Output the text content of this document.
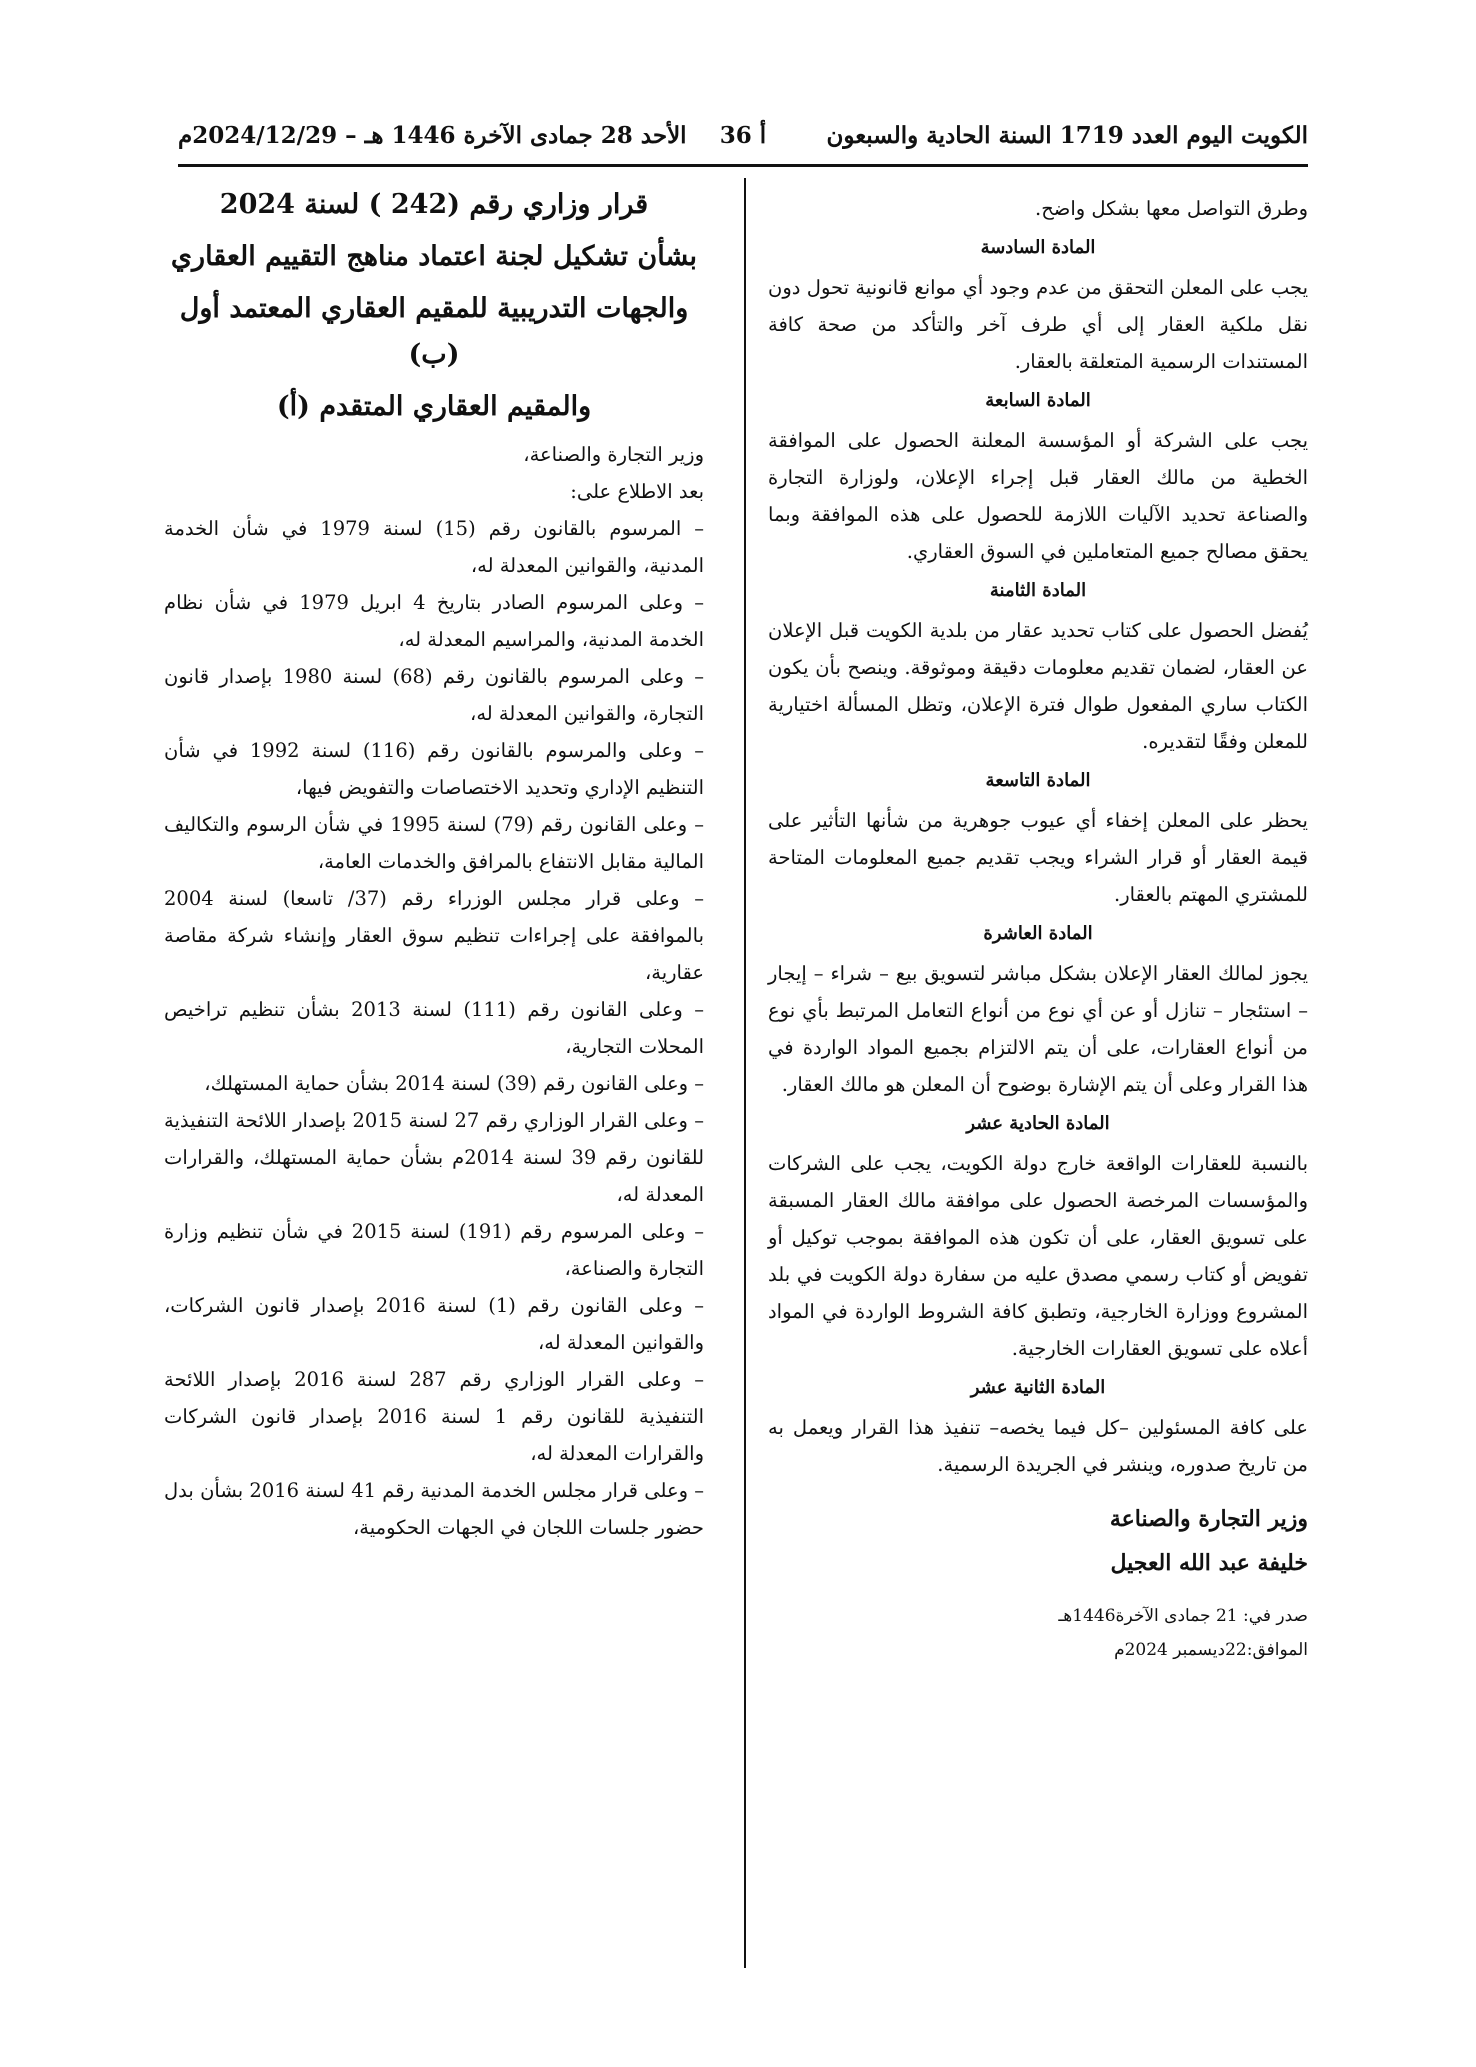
الكويت اليوم العدد 1719 السنة الحادية والسبعون
أ 36
الأحد 28 جمادى الآخرة 1446 هـ – 2024/12/29م

وطرق التواصل معها بشكل واضح.

المادة السادسة

يجب على المعلن التحقق من عدم وجود أي موانع قانونية تحول دون نقل ملكية العقار إلى أي طرف آخر والتأكد من صحة كافة المستندات الرسمية المتعلقة بالعقار.

المادة السابعة

يجب على الشركة أو المؤسسة المعلنة الحصول على الموافقة الخطية من مالك العقار قبل إجراء الإعلان، ولوزارة التجارة والصناعة تحديد الآليات اللازمة للحصول على هذه الموافقة وبما يحقق مصالح جميع المتعاملين في السوق العقاري.

المادة الثامنة

يُفضل الحصول على كتاب تحديد عقار من بلدية الكويت قبل الإعلان عن العقار، لضمان تقديم معلومات دقيقة وموثوقة. وينصح بأن يكون الكتاب ساري المفعول طوال فترة الإعلان، وتظل المسألة اختيارية للمعلن وفقًا لتقديره.

المادة التاسعة

يحظر على المعلن إخفاء أي عيوب جوهرية من شأنها التأثير على قيمة العقار أو قرار الشراء ويجب تقديم جميع المعلومات المتاحة للمشتري المهتم بالعقار.

المادة العاشرة

يجوز لمالك العقار الإعلان بشكل مباشر لتسويق بيع – شراء – إيجار – استئجار – تنازل أو عن أي نوع من أنواع التعامل المرتبط بأي نوع من أنواع العقارات، على أن يتم الالتزام بجميع المواد الواردة في هذا القرار وعلى أن يتم الإشارة بوضوح أن المعلن هو مالك العقار.

المادة الحادية عشر

بالنسبة للعقارات الواقعة خارج دولة الكويت، يجب على الشركات والمؤسسات المرخصة الحصول على موافقة مالك العقار المسبقة على تسويق العقار، على أن تكون هذه الموافقة بموجب توكيل أو تفويض أو كتاب رسمي مصدق عليه من سفارة دولة الكويت في بلد المشروع ووزارة الخارجية، وتطبق كافة الشروط الواردة في المواد أعلاه على تسويق العقارات الخارجية.

المادة الثانية عشر

على كافة المسئولين –كل فيما يخصه– تنفيذ هذا القرار ويعمل به من تاريخ صدوره، وينشر في الجريدة الرسمية.

وزير التجارة والصناعة
خليفة عبد الله العجيل
صدر في: 21 جمادى الآخرة1446هـ
الموافق:22ديسمبر 2024م
قرار وزاري رقم (242 ) لسنة 2024
بشأن تشكيل لجنة اعتماد مناهج التقييم العقاري
والجهات التدريبية للمقيم العقاري المعتمد أول (ب)
والمقيم العقاري المتقدم (أ)

وزير التجارة والصناعة،

بعد الاطلاع على:

– المرسوم بالقانون رقم (15) لسنة 1979 في شأن الخدمة المدنية، والقوانين المعدلة له،

– وعلى المرسوم الصادر بتاريخ 4 ابريل 1979 في شأن نظام الخدمة المدنية، والمراسيم المعدلة له،

– وعلى المرسوم بالقانون رقم (68) لسنة 1980 بإصدار قانون التجارة، والقوانين المعدلة له،

– وعلى والمرسوم بالقانون رقم (116) لسنة 1992 في شأن التنظيم الإداري وتحديد الاختصاصات والتفويض فيها،

– وعلى القانون رقم (79) لسنة 1995 في شأن الرسوم والتكاليف المالية مقابل الانتفاع بالمرافق والخدمات العامة،

– وعلى قرار مجلس الوزراء رقم (37/ تاسعا) لسنة 2004 بالموافقة على إجراءات تنظيم سوق العقار وإنشاء شركة مقاصة عقارية،

– وعلى القانون رقم (111) لسنة 2013 بشأن تنظيم تراخيص المحلات التجارية،

– وعلى القانون رقم (39) لسنة 2014 بشأن حماية المستهلك،

– وعلى القرار الوزاري رقم 27 لسنة 2015 بإصدار اللائحة التنفيذية للقانون رقم 39 لسنة 2014م بشأن حماية المستهلك، والقرارات المعدلة له،

– وعلى المرسوم رقم (191) لسنة 2015 في شأن تنظيم وزارة التجارة والصناعة،

– وعلى القانون رقم (1) لسنة 2016 بإصدار قانون الشركات، والقوانين المعدلة له،

– وعلى القرار الوزاري رقم 287 لسنة 2016 بإصدار اللائحة التنفيذية للقانون رقم 1 لسنة 2016 بإصدار قانون الشركات والقرارات المعدلة له،

– وعلى قرار مجلس الخدمة المدنية رقم 41 لسنة 2016 بشأن بدل حضور جلسات اللجان في الجهات الحكومية،
